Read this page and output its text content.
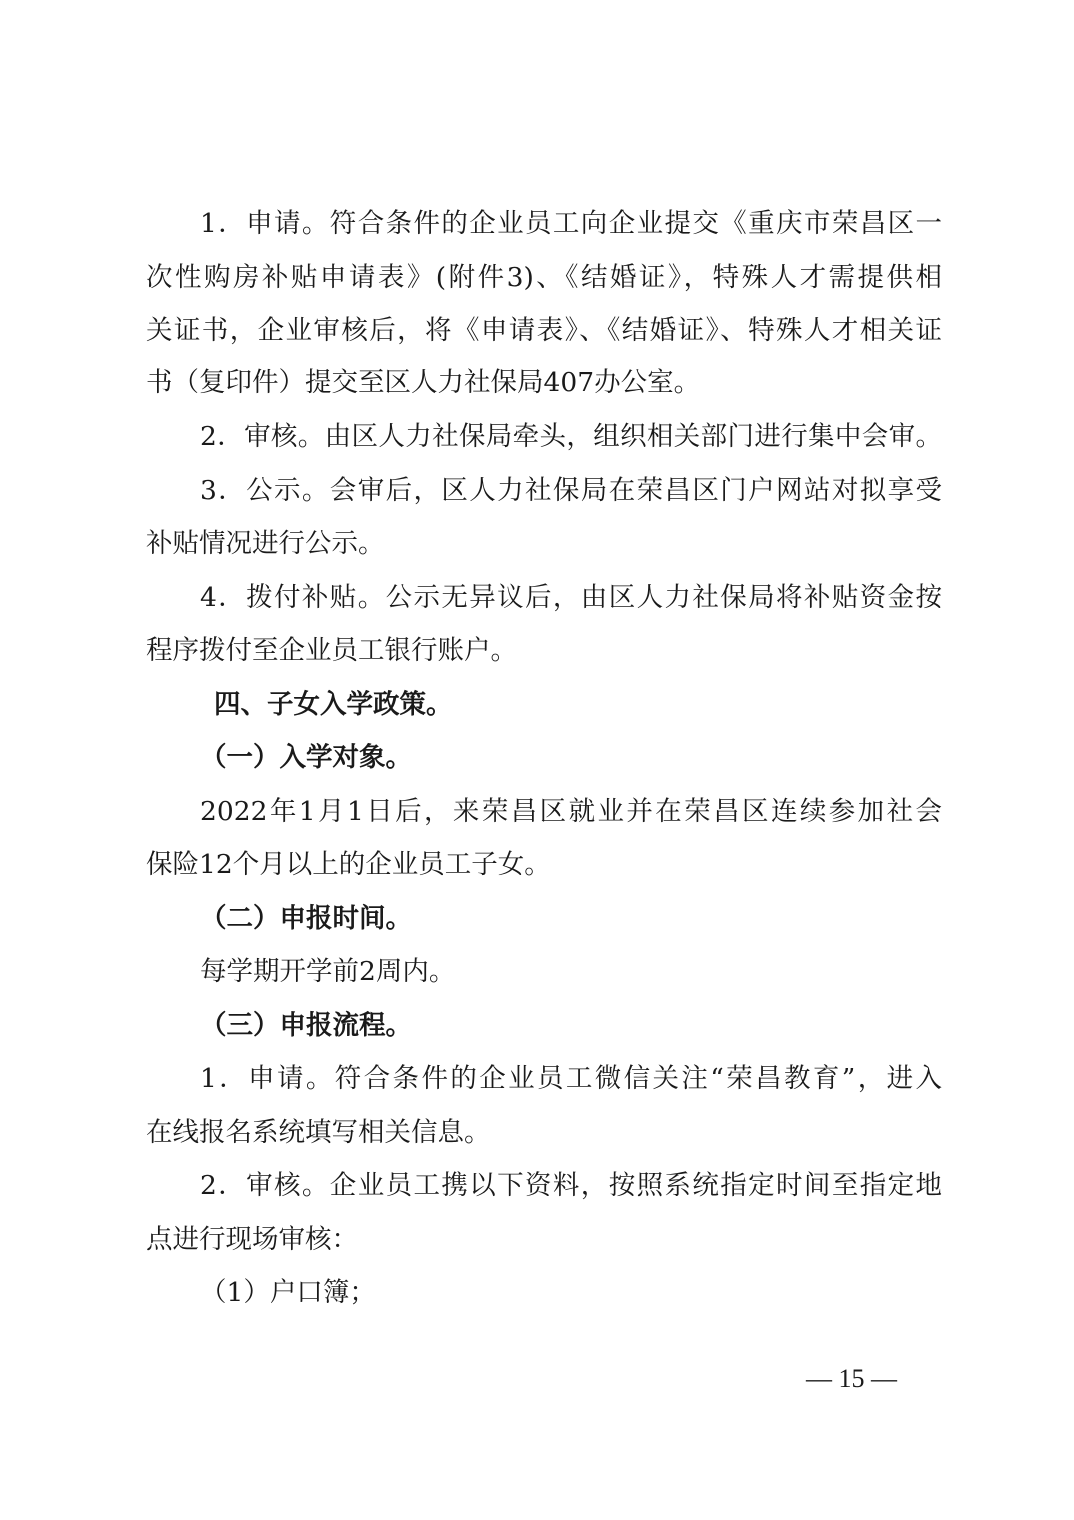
1．申请。符合条件的企业员工向企业提交《重庆市荣昌区一
次性购房补贴申请表》(附件3)、《结婚证》，特殊人才需提供相
关证书，企业审核后，将《申请表》、《结婚证》、特殊人才相关证
书（复印件）提交至区人力社保局407办公室。
2．审核。由区人力社保局牵头，组织相关部门进行集中会审。
3．公示。会审后，区人力社保局在荣昌区门户网站对拟享受
补贴情况进行公示。
4．拨付补贴。公示无异议后，由区人力社保局将补贴资金按
程序拨付至企业员工银行账户。
四、子女入学政策。
（一）入学对象。
2022年1月1日后，来荣昌区就业并在荣昌区连续参加社会
保险12个月以上的企业员工子女。
（二）申报时间。
每学期开学前2周内。
（三）申报流程。
1．申请。符合条件的企业员工微信关注“荣昌教育”，进入
在线报名系统填写相关信息。
2．审核。企业员工携以下资料，按照系统指定时间至指定地
点进行现场审核：
（1）户口簿；
— 15 —
